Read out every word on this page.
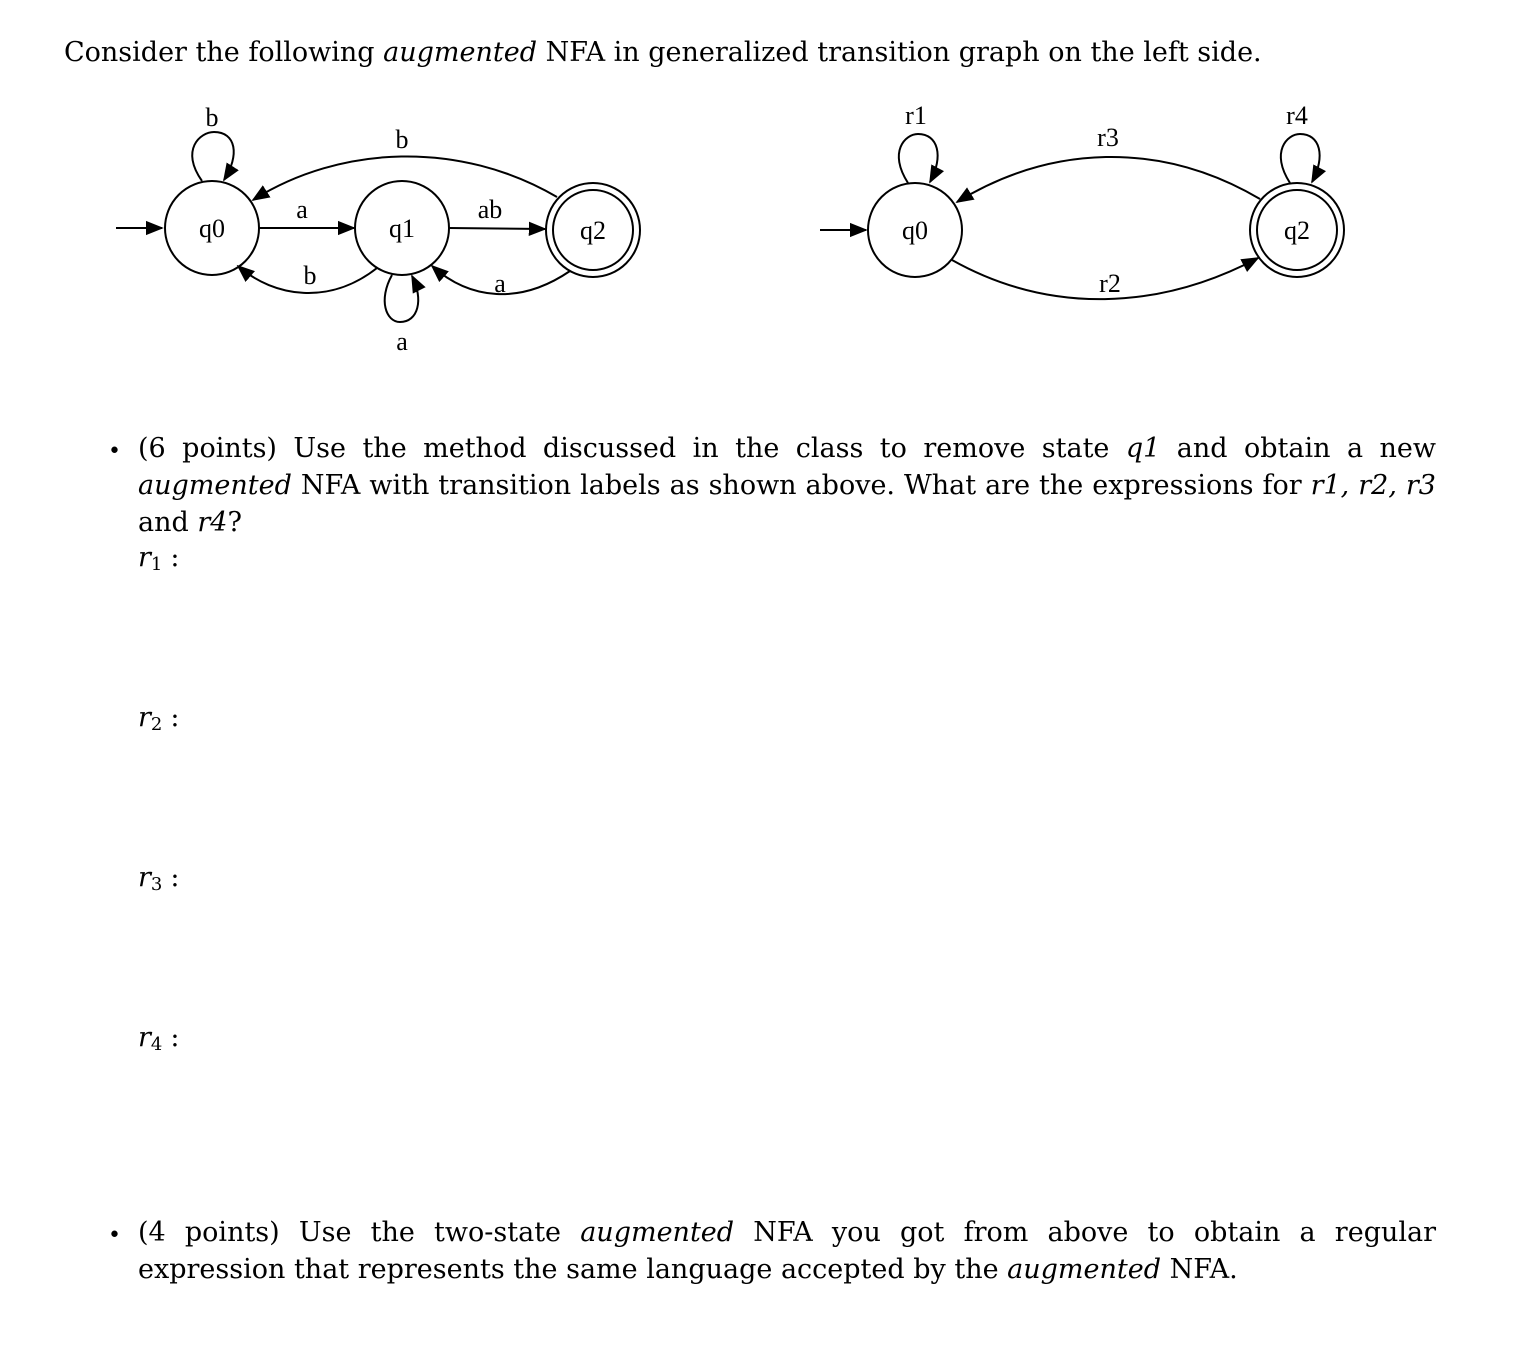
Consider the following augmented NFA in generalized transition graph on the left side.
q0	q1	q2
b
b
a	ab
b	a
a
q0	q2
r1
r3
r2
r4
• (6 points) Use the method discussed in the class to remove state q1 and obtain a new augmented NFA with transition labels as shown above. What are the expressions for r1, r2, r3 and r4?
$r_1$ :
$r_2$ :
$r_3$ :
$r_4$ :
• (4 points) Use the two-state augmented NFA you got from above to obtain a regular expression that represents the same language accepted by the augmented NFA.
